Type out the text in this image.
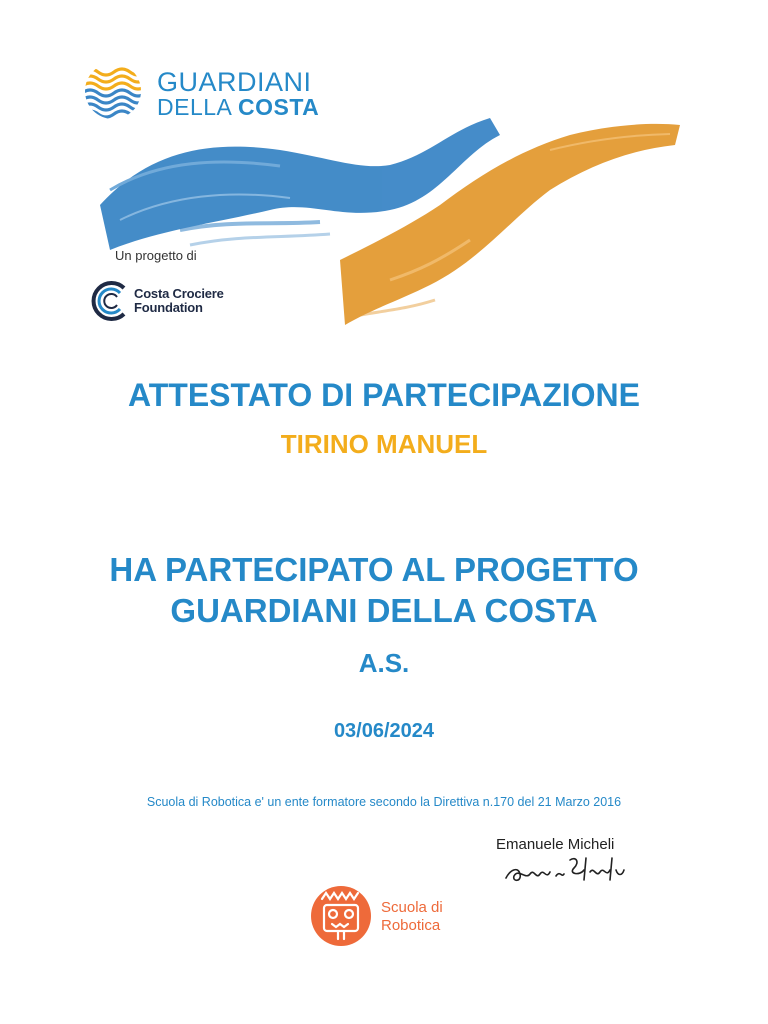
GUARDIANI
DELLA COSTA
Un progetto di
Costa Crociere
Foundation
ATTESTATO DI PARTECIPAZIONE
TIRINO MANUEL
HA PARTECIPATO AL PROGETTO
GUARDIANI DELLA COSTA
A.S.
03/06/2024
Scuola di Robotica e' un ente formatore secondo la Direttiva n.170 del 21 Marzo 2016
Emanuele Micheli
Scuola di
Robotica
